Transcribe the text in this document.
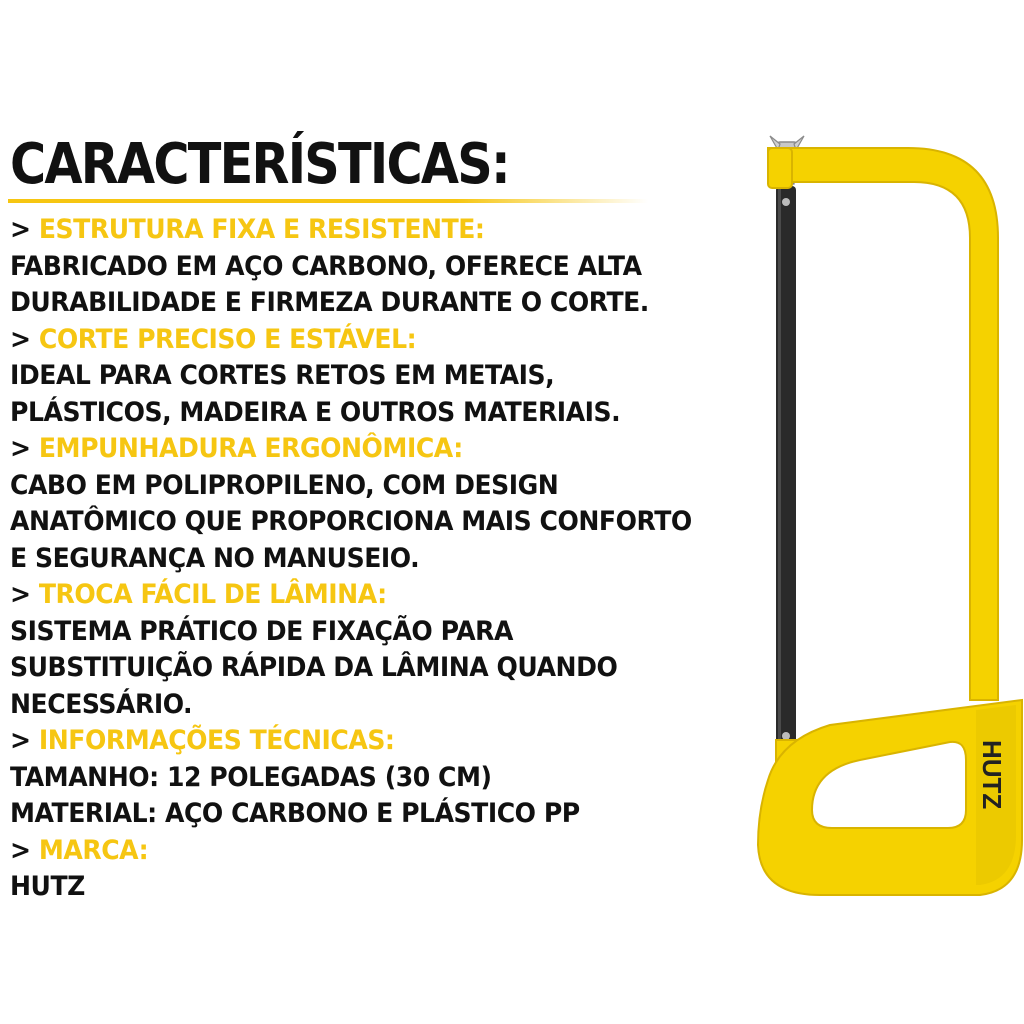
CARACTERÍSTICAS:
> ESTRUTURA FIXA E RESISTENTE:
FABRICADO EM AÇO CARBONO, OFERECE ALTA
DURABILIDADE E FIRMEZA DURANTE O CORTE.
> CORTE PRECISO E ESTÁVEL:
IDEAL PARA CORTES RETOS EM METAIS,
PLÁSTICOS, MADEIRA E OUTROS MATERIAIS.
> EMPUNHADURA ERGONÔMICA:
CABO EM POLIPROPILENO, COM DESIGN
ANATÔMICO QUE PROPORCIONA MAIS CONFORTO
E SEGURANÇA NO MANUSEIO.
> TROCA FÁCIL DE LÂMINA:
SISTEMA PRÁTICO DE FIXAÇÃO PARA
SUBSTITUIÇÃO RÁPIDA DA LÂMINA QUANDO
NECESSÁRIO.
> INFORMAÇÕES TÉCNICAS:
TAMANHO: 12 POLEGADAS (30 CM)
MATERIAL: AÇO CARBONO E PLÁSTICO PP
> MARCA:
HUTZ
HUTZ
